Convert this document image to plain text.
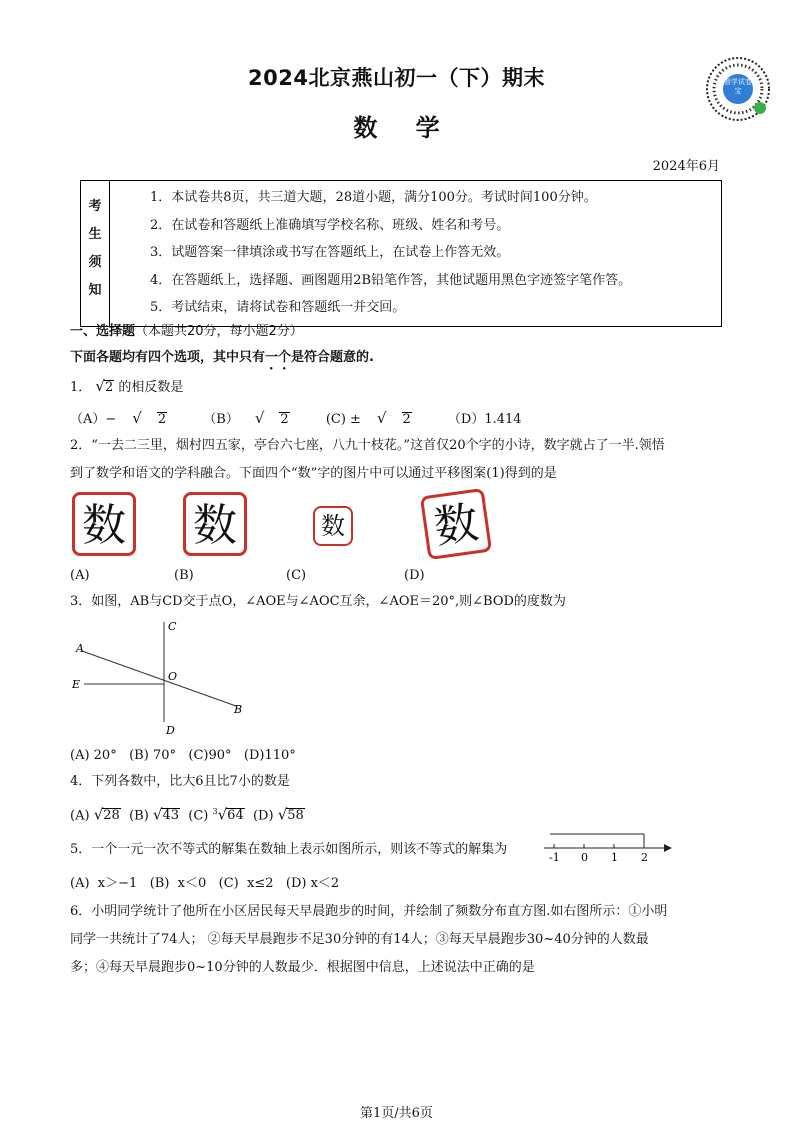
2024北京燕山初一（下）期末
数 学
2024年6月
督学试卷宝
考
生
须
知

1．本试卷共8页，共三道大题，28道小题，满分100分。考试时间100分钟。
2．在试卷和答题纸上准确填写学校名称、班级、姓名和考号。
3．试题答案一律填涂或书写在答题纸上，在试卷上作答无效。
4．在答题纸上，选择题、画图题用2B铅笔作答，其他试题用黑色字迹签字笔作答。
5．考试结束，请将试卷和答题纸一并交回。
一、选择题（本题共20分，每小题2分）
下面各题均有四个选项，其中只有一个是符合题意的.
1． √2 的相反数是
（A）− √ 2	（B） √ 2	(C) ± √ 2	（D）1.414
2．“一去二三里，烟村四五家，亭台六七座，八九十枝花。”这首仅20个字的小诗，数字就占了一半.领悟
到了数学和语文的学科融合。下面四个“数”字的图片中可以通过平移图案(1)得到的是
数 数	数 数
(A)	(B)	(C)	(D)
3．如图，AB与CD交于点O，∠AOE与∠AOC互余，∠AOE＝20°,则∠BOD的度数为
C
A
O
E
B
D
(A) 20°   (B) 70°   (C)90°   (D)110°
4．下列各数中，比大6且比7小的数是
(A) √28 (B) √43 (C) $^3$√64 (D) √58
5．一个一元一次不等式的解集在数轴上表示如图所示，则该不等式的解集为
-1 0 1 2
(A)  x＞−1   (B)  x＜0   (C)  x≤2   (D) x＜2
6．小明同学统计了他所在小区居民每天早晨跑步的时间，并绘制了频数分布直方图.如右图所示：①小明
同学一共统计了74人； ②每天早晨跑步不足30分钟的有14人；③每天早晨跑步30~40分钟的人数最
多；④每天早晨跑步0~10分钟的人数最少．根据图中信息，上述说法中正确的是
第1页/共6页
